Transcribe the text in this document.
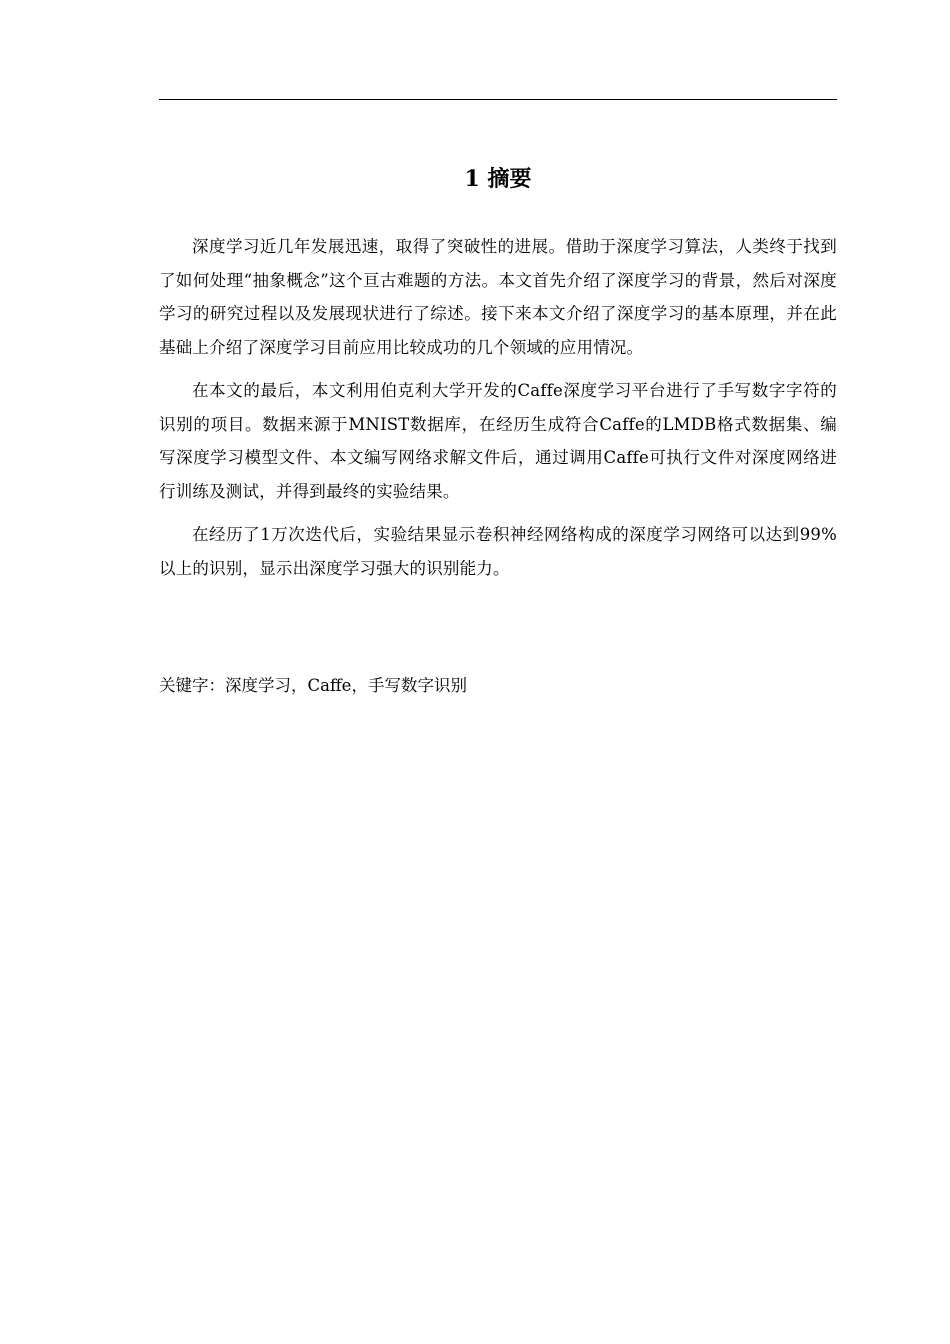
1 摘要

深度学习近几年发展迅速，取得了突破性的进展。借助于深度学习算法，人类终于找到了如何处理“抽象概念”这个亘古难题的方法。本文首先介绍了深度学习的背景，然后对深度学习的研究过程以及发展现状进行了综述。接下来本文介绍了深度学习的基本原理，并在此基础上介绍了深度学习目前应用比较成功的几个领域的应用情况。

在本文的最后，本文利用伯克利大学开发的Caffe深度学习平台进行了手写数字字符的识别的项目。数据来源于MNIST数据库，在经历生成符合Caffe的LMDB格式数据集、编写深度学习模型文件、本文编写网络求解文件后，通过调用Caffe可执行文件对深度网络进行训练及测试，并得到最终的实验结果。

在经历了1万次迭代后，实验结果显示卷积神经网络构成的深度学习网络可以达到99%以上的识别，显示出深度学习强大的识别能力。

关键字：深度学习，Caffe，手写数字识别
